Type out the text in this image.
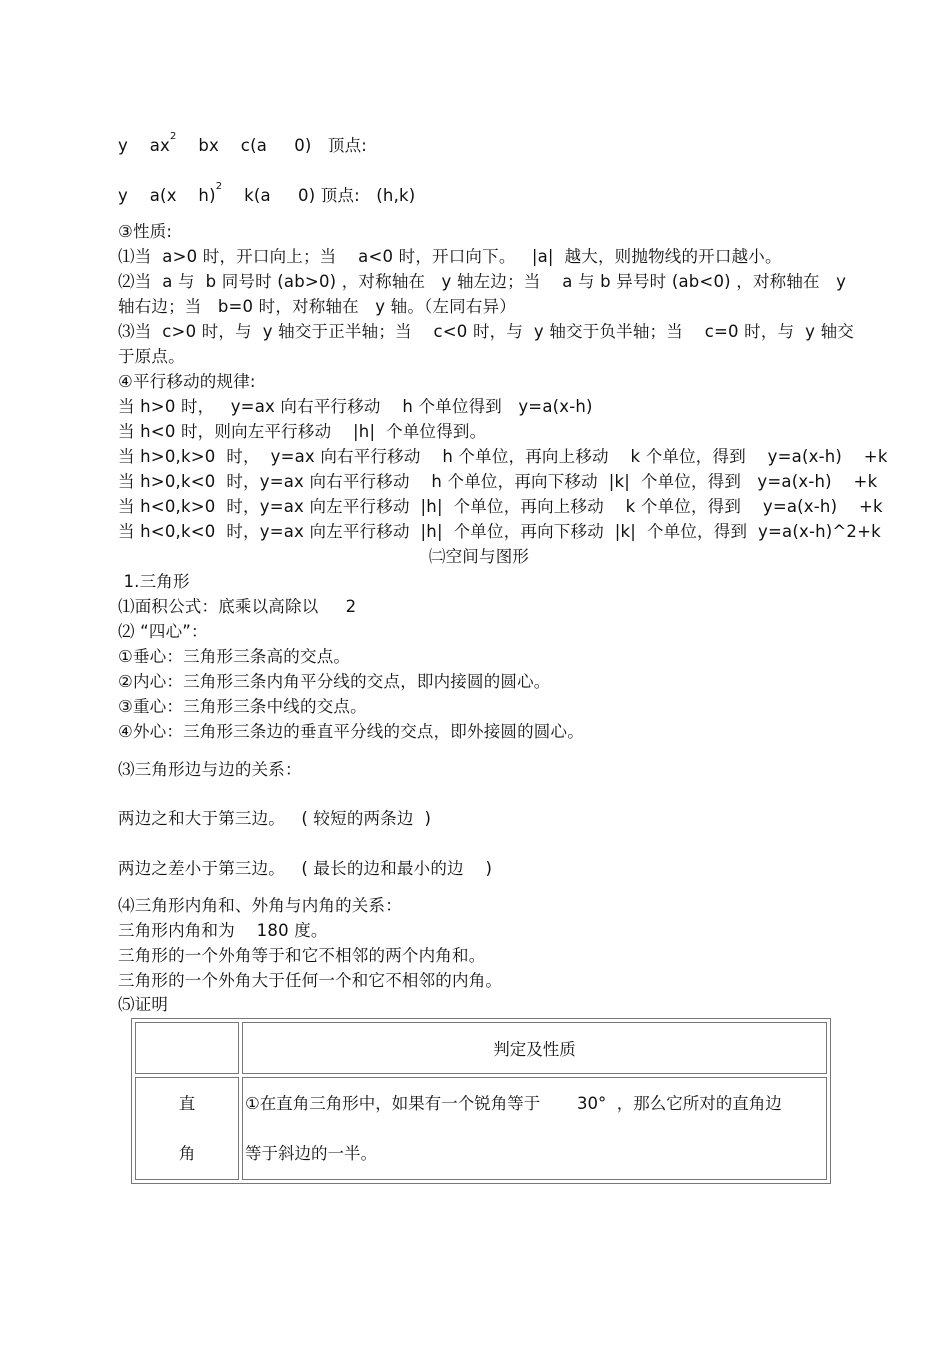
y    $ax^2$    bx    c(a     0)   顶点:
y    a(x    h)$^2$    k(a     0) 顶点:   (h,k)
③性质:
⑴当  a>0 时，开口向上；当    a<0 时，开口向下。   |a|  越大，则抛物线的开口越小。
⑵当  a 与  b 同号时 (ab>0) ，对称轴在   y 轴左边；当    a 与 b 异号时 (ab<0) ，对称轴在   y
轴右边；当   b=0 时，对称轴在   y 轴。（左同右异）
⑶当  c>0 时，与  y 轴交于正半轴；当    c<0 时，与  y 轴交于负半轴；当    c=0 时，与  y 轴交
于原点。
④平行移动的规律:
当 h>0 时，   y=ax 向右平行移动    h 个单位得到   y=a(x-h)
当 h<0 时，则向左平行移动    |h|  个单位得到。
当 h>0,k>0  时，  y=ax 向右平行移动    h 个单位，再向上移动    k 个单位，得到    y=a(x-h)    +k
当 h>0,k<0  时，y=ax 向右平行移动    h 个单位，再向下移动  |k|  个单位，得到   y=a(x-h)    +k
当 h<0,k>0  时，y=ax 向左平行移动  |h|  个单位，再向上移动    k 个单位，得到    y=a(x-h)    +k
当 h<0,k<0  时，y=ax 向左平行移动  |h|  个单位，再向下移动  |k|  个单位，得到  y=a(x-h)^2+k
㈡空间与图形
1.三角形
⑴面积公式：底乘以高除以     2
⑵ “四心”：
①垂心：三角形三条高的交点。
②内心：三角形三条内角平分线的交点，即内接圆的圆心。
③重心：三角形三条中线的交点。
④外心：三角形三条边的垂直平分线的交点，即外接圆的圆心。
⑶三角形边与边的关系：
两边之和大于第三边。   ( 较短的两条边  )
两边之差小于第三边。   ( 最长的边和最小的边    )
⑷三角形内角和、外角与内角的关系：
三角形内角和为    180 度。
三角形的一个外角等于和它不相邻的两个内角和。
三角形的一个外角大于任何一个和它不相邻的内角。
⑸证明
	判定及性质

直
角	①在直角三角形中，如果有一个锐角等于       30°  ，那么它所对的直角边
等于斜边的一半。
